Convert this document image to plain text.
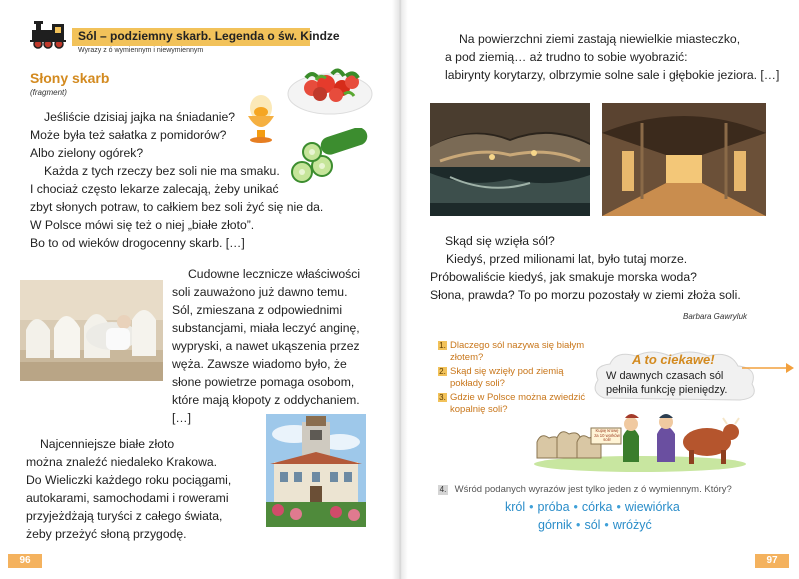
Sól – podziemny skarb. Legenda o św. Kindze
Wyrazy z ó wymiennym i niewymiennym
Słony skarb
(fragment)
Jeśliście dzisiaj jajka na śniadanie?
Może była też sałatka z pomidorów?
Albo zielony ogórek?
Każda z tych rzeczy bez soli nie ma smaku.
I chociaż często lekarze zalecają, żeby unikać
zbyt słonych potraw, to całkiem bez soli żyć się nie da.
W Polsce mówi się też o niej „białe złoto”.
Bo to od wieków drogocenny skarb. […]
Cudowne lecznicze właściwości
soli zauważono już dawno temu.
Sól, zmieszana z odpowiednimi
substancjami, miała leczyć anginę,
wypryski, a nawet ukąszenia przez
węża. Zawsze wiadomo było, że
słone powietrze pomaga osobom,
które mają kłopoty z oddychaniem.
[…]
Najcenniejsze białe złoto
można znaleźć niedaleko Krakowa.
Do Wieliczki każdego roku pociągami,
autokarami, samochodami i rowerami
przyjeżdżają turyści z całego świata,
żeby przeżyć słoną przygodę.
96
Na powierzchni ziemi zastają niewielkie miasteczko,
a pod ziemią… aż trudno to sobie wyobrazić:
labirynty korytarzy, olbrzymie solne sale i głębokie jeziora. […]
Skąd się wzięła sól?
Kiedyś, przed milionami lat, było tutaj morze.
Próbowaliście kiedyś, jak smakuje morska woda?
Słona, prawda? To po morzu pozostały w ziemi złoża soli.
Barbara Gawryluk
1. Dlaczego sól nazywa się białym
złotem?
2. Skąd się wzięły pod ziemią
pokłady soli?
3. Gdzie w Polsce można zwiedzić
kopalnię soli?
A to ciekawe!
W dawnych czasach sól
pełniła funkcję pieniędzy.
Kupię krowę za 10 worków soli!
4. Wśród podanych wyrazów jest tylko jeden z ó wymiennym. Który?
król • próba • córka • wiewiórka
górnik • sól • wróżyć
97
